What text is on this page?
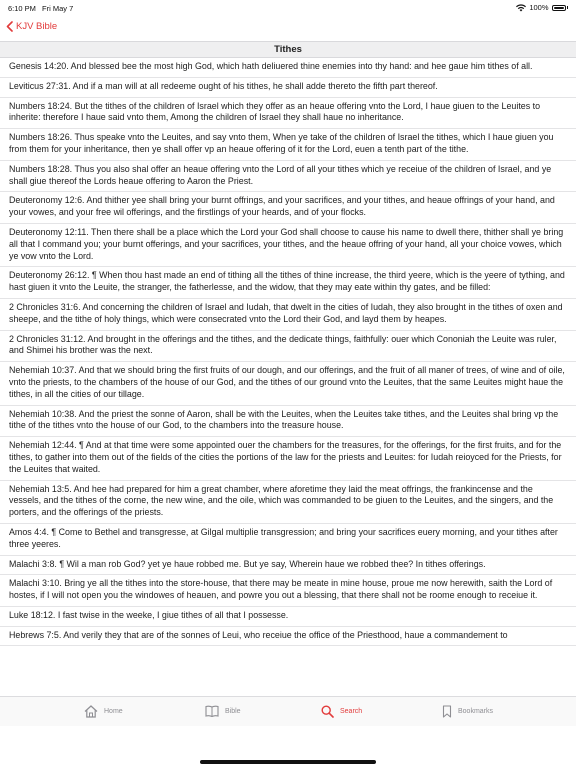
6:10 PM Fri May 7	100%
KJV Bible
Tithes
Genesis 14:20. And blessed bee the most high God, which hath deliuered thine enemies into thy hand: and hee gaue him tithes of all.
Leviticus 27:31. And if a man will at all redeeme ought of his tithes, he shall adde thereto the fifth part thereof.
Numbers 18:24. But the tithes of the children of Israel which they offer as an heaue offering vnto the Lord, I haue giuen to the Leuites to inherite: therefore I haue said vnto them, Among the children of Israel they shall haue no inheritance.
Numbers 18:26. Thus speake vnto the Leuites, and say vnto them, When ye take of the children of Israel the tithes, which I haue giuen you from them for your inheritance, then ye shall offer vp an heaue offering of it for the Lord, euen a tenth part of the tithe.
Numbers 18:28. Thus you also shal offer an heaue offering vnto the Lord of all your tithes which ye receiue of the children of Israel, and ye shall giue thereof the Lords heaue offering to Aaron the Priest.
Deuteronomy 12:6. And thither yee shall bring your burnt offrings, and your sacrifices, and your tithes, and heaue offrings of your hand, and your vowes, and your free wil offerings, and the firstlings of your heards, and of your flocks.
Deuteronomy 12:11. Then there shall be a place which the Lord your God shall choose to cause his name to dwell there, thither shall ye bring all that I command you; your burnt offerings, and your sacrifices, your tithes, and the heaue offring of your hand, all your choice vowes, which ye vow vnto the Lord.
Deuteronomy 26:12. ¶ When thou hast made an end of tithing all the tithes of thine increase, the third yeere, which is the yeere of tything, and hast giuen it vnto the Leuite, the stranger, the fatherlesse, and the widow, that they may eate within thy gates, and be filled:
2 Chronicles 31:6. And concerning the children of Israel and Iudah, that dwelt in the cities of Iudah, they also brought in the tithes of oxen and sheepe, and the tithe of holy things, which were consecrated vnto the Lord their God, and layd them by heapes.
2 Chronicles 31:12. And brought in the offerings and the tithes, and the dedicate things, faithfully: ouer which Cononiah the Leuite was ruler, and Shimei his brother was the next.
Nehemiah 10:37. And that we should bring the first fruits of our dough, and our offerings, and the fruit of all maner of trees, of wine and of oile, vnto the priests, to the chambers of the house of our God, and the tithes of our ground vnto the Leuites, that the same Leuites might haue the tithes, in all the cities of our tillage.
Nehemiah 10:38. And the priest the sonne of Aaron, shall be with the Leuites, when the Leuites take tithes, and the Leuites shal bring vp the tithe of the tithes vnto the house of our God, to the chambers into the treasure house.
Nehemiah 12:44. ¶ And at that time were some appointed ouer the chambers for the treasures, for the offerings, for the first fruits, and for the tithes, to gather into them out of the fields of the cities the portions of the law for the priests and Leuites: for Iudah reioyced for the Priests, for the Leuites that waited.
Nehemiah 13:5. And hee had prepared for him a great chamber, where aforetime they laid the meat offrings, the frankincense and the vessels, and the tithes of the corne, the new wine, and the oile, which was commanded to be giuen to the Leuites, and the singers, and the porters, and the offerings of the priests.
Amos 4:4. ¶ Come to Bethel and transgresse, at Gilgal multiplie transgression; and bring your sacrifices euery morning, and your tithes after three yeeres.
Malachi 3:8. ¶ Wil a man rob God? yet ye haue robbed me. But ye say, Wherein haue we robbed thee? In tithes offerings.
Malachi 3:10. Bring ye all the tithes into the store-house, that there may be meate in mine house, proue me now herewith, saith the Lord of hostes, if I will not open you the windowes of heauen, and powre you out a blessing, that there shall not be roome enough to receiue it.
Luke 18:12. I fast twise in the weeke, I giue tithes of all that I possesse.
Hebrews 7:5. And verily they that are of the sonnes of Leui, who receiue the office of the Priesthood, haue a commandement to
Home	Bible	Search	Bookmarks
